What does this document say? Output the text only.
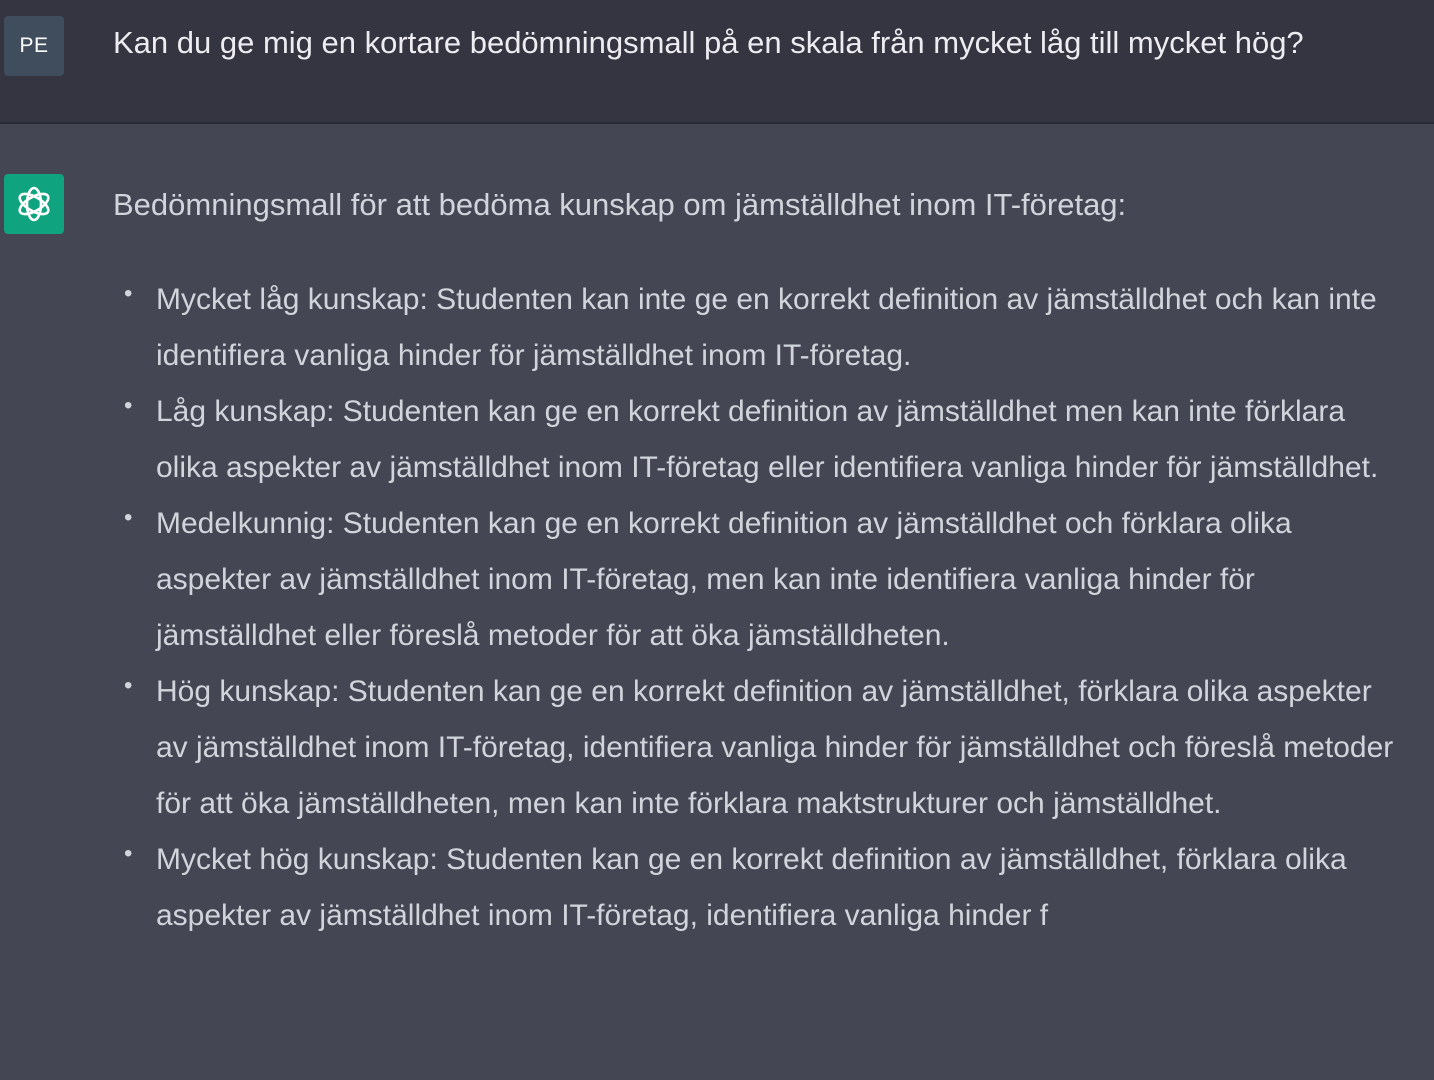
PE	Kan du ge mig en kortare bedömningsmall på en skala från mycket låg till mycket hög?
Bedömningsmall för att bedöma kunskap om jämställdhet inom IT-företag:
• Mycket låg kunskap: Studenten kan inte ge en korrekt definition av jämställdhet och kan inte identifiera vanliga hinder för jämställdhet inom IT-företag.
• Låg kunskap: Studenten kan ge en korrekt definition av jämställdhet men kan inte förklara olika aspekter av jämställdhet inom IT-företag eller identifiera vanliga hinder för jämställdhet.
• Medelkunnig: Studenten kan ge en korrekt definition av jämställdhet och förklara olika aspekter av jämställdhet inom IT-företag, men kan inte identifiera vanliga hinder för jämställdhet eller föreslå metoder för att öka jämställdheten.
• Hög kunskap: Studenten kan ge en korrekt definition av jämställdhet, förklara olika aspekter av jämställdhet inom IT-företag, identifiera vanliga hinder för jämställdhet och föreslå metoder för att öka jämställdheten, men kan inte förklara maktstrukturer och jämställdhet.
• Mycket hög kunskap: Studenten kan ge en korrekt definition av jämställdhet, förklara olika aspekter av jämställdhet inom IT-företag, identifiera vanliga hinder f
